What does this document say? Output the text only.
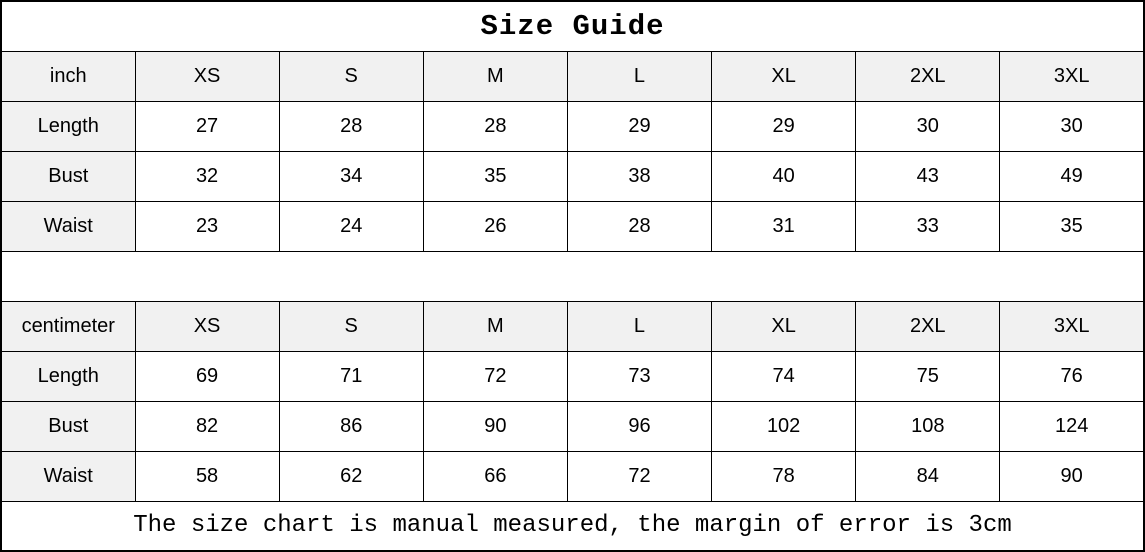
Size Guide							
inch	XS	S	M	L	XL	2XL	3XL
Length	27	28	28	29	29	30	30
Bust	32	34	35	38	40	43	49
Waist	23	24	26	28	31	33	35

centimeter	XS	S	M	L	XL	2XL	3XL
Length	69	71	72	73	74	75	76
Bust	82	86	90	96	102	108	124
Waist	58	62	66	72	78	84	90
The size chart is manual measured, the margin of error is 3cm							
